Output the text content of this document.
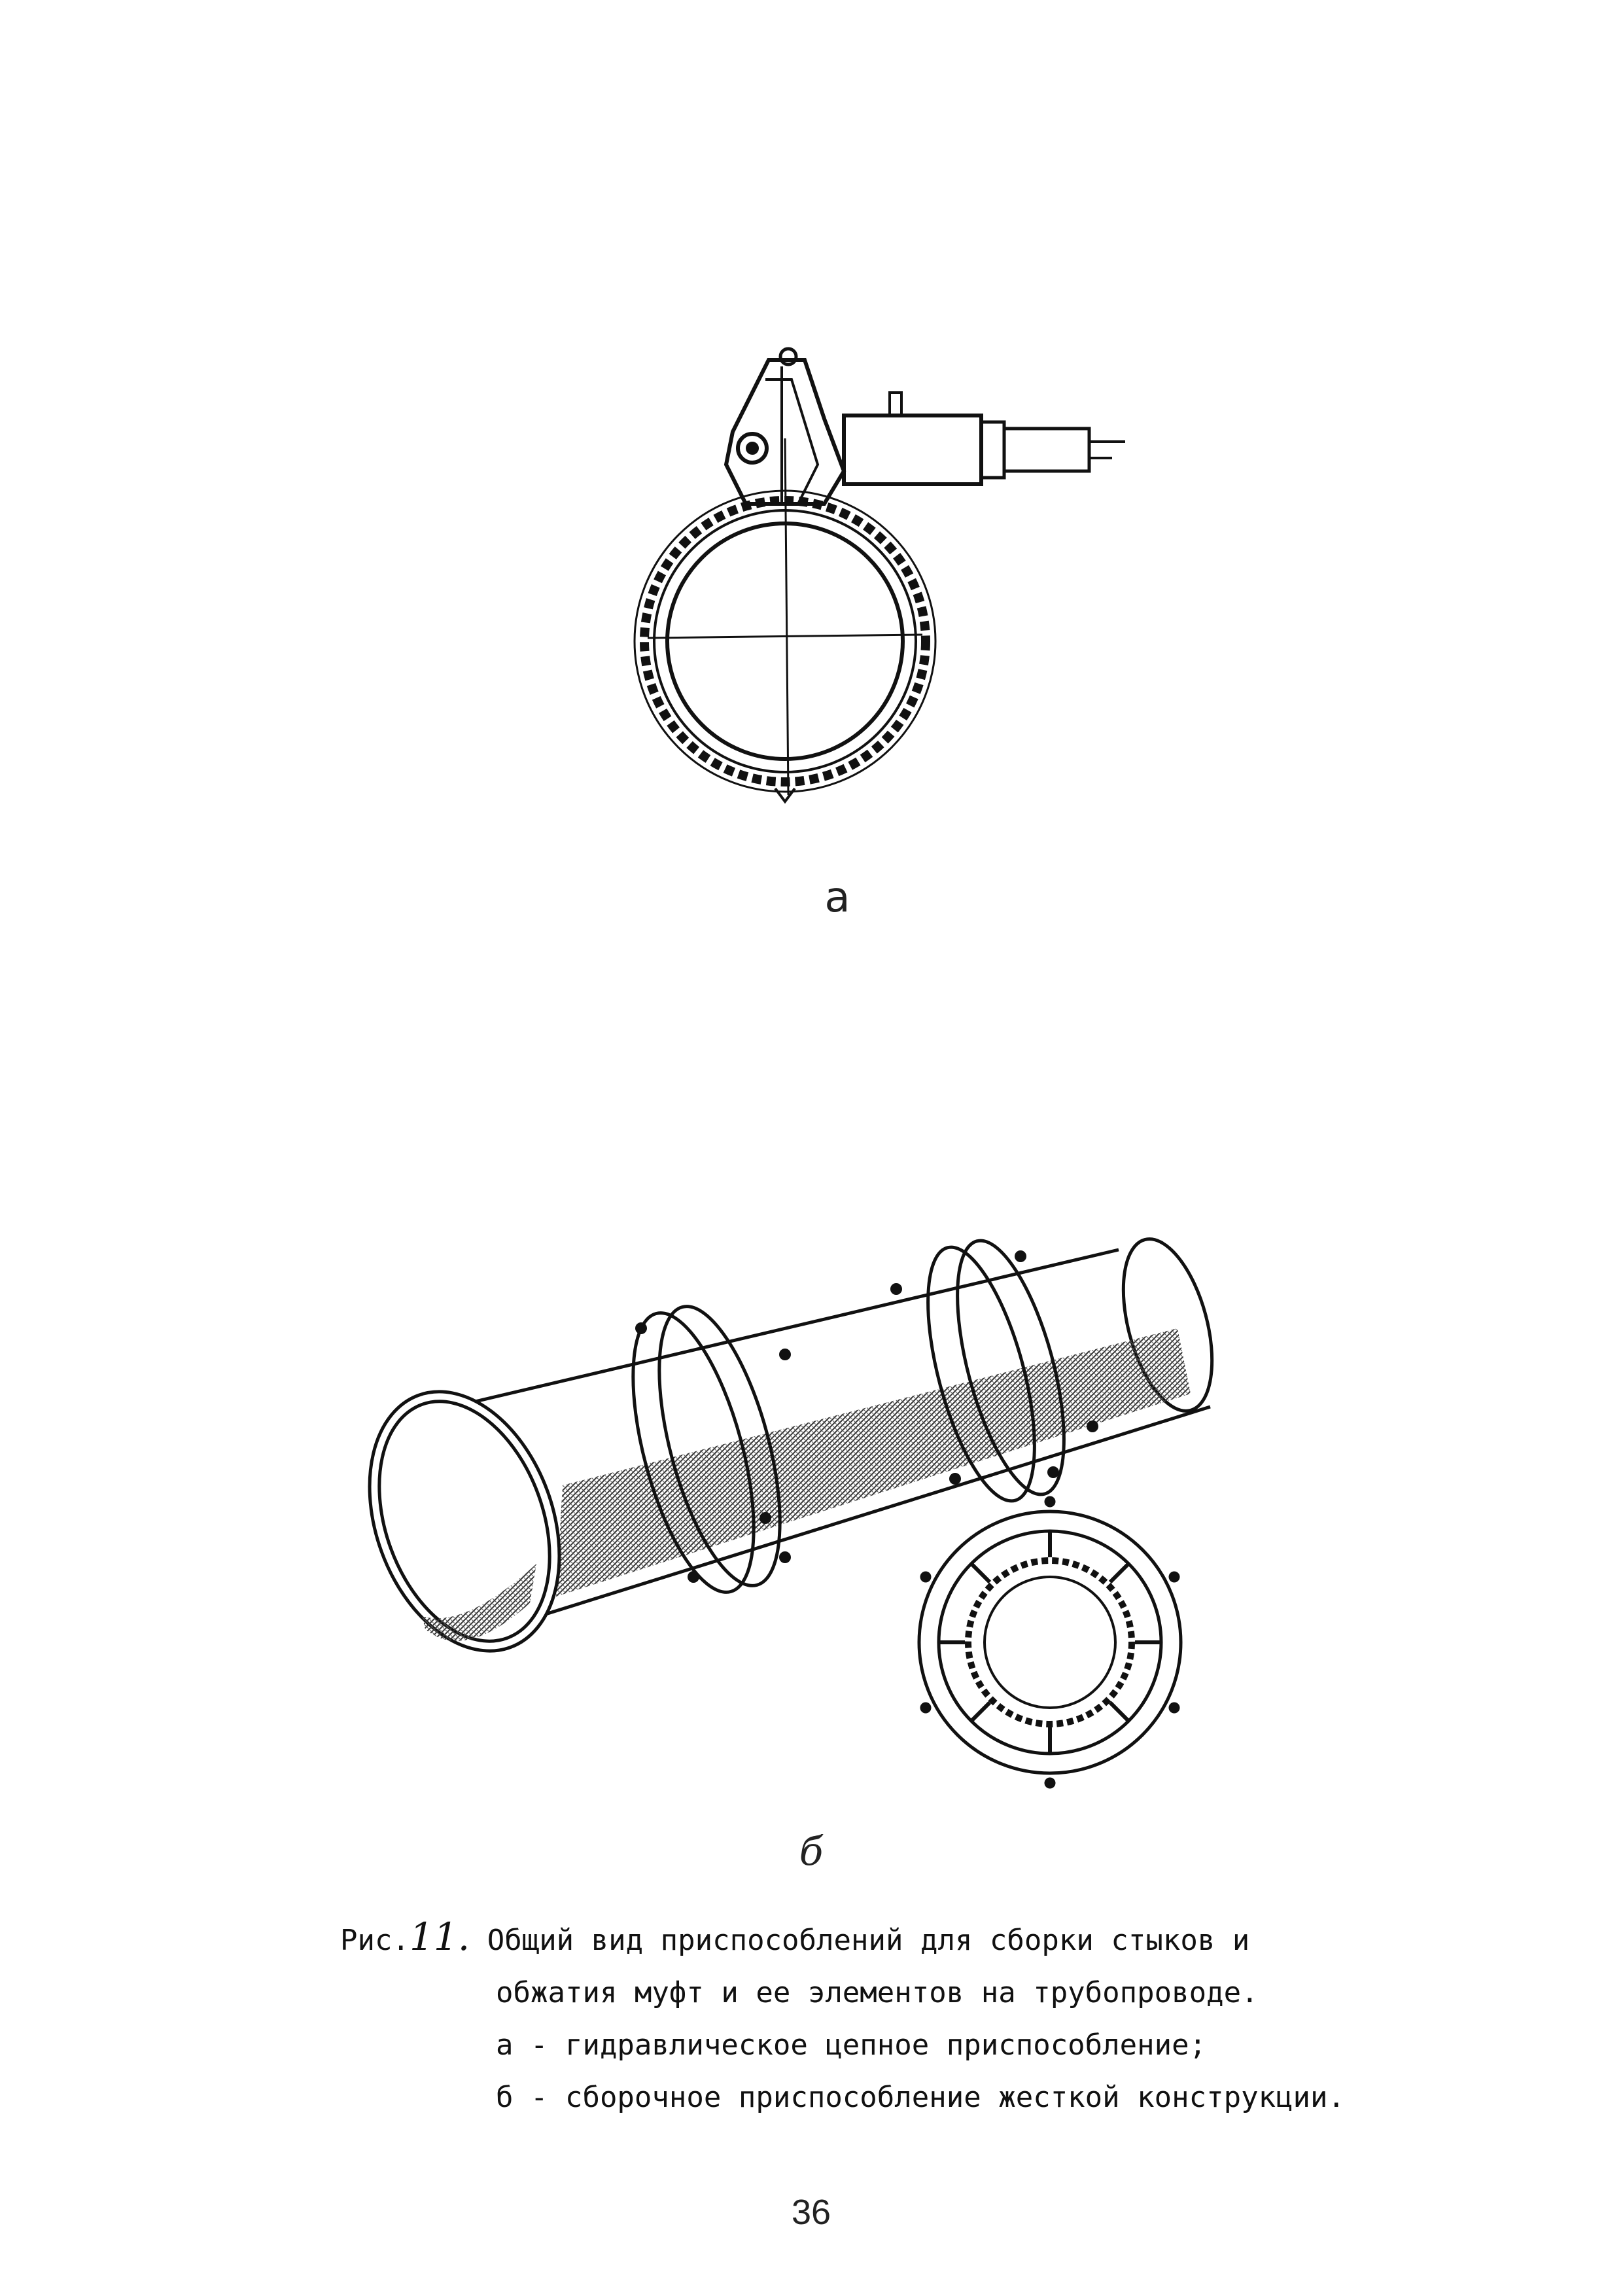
а
б
Рис.11. Общий вид приспособлений для сборки стыков и
обжатия муфт и ее элементов на трубопроводе.
а - гидравлическое цепное приспособление;
б - сборочное приспособление жесткой конструкции.
36
